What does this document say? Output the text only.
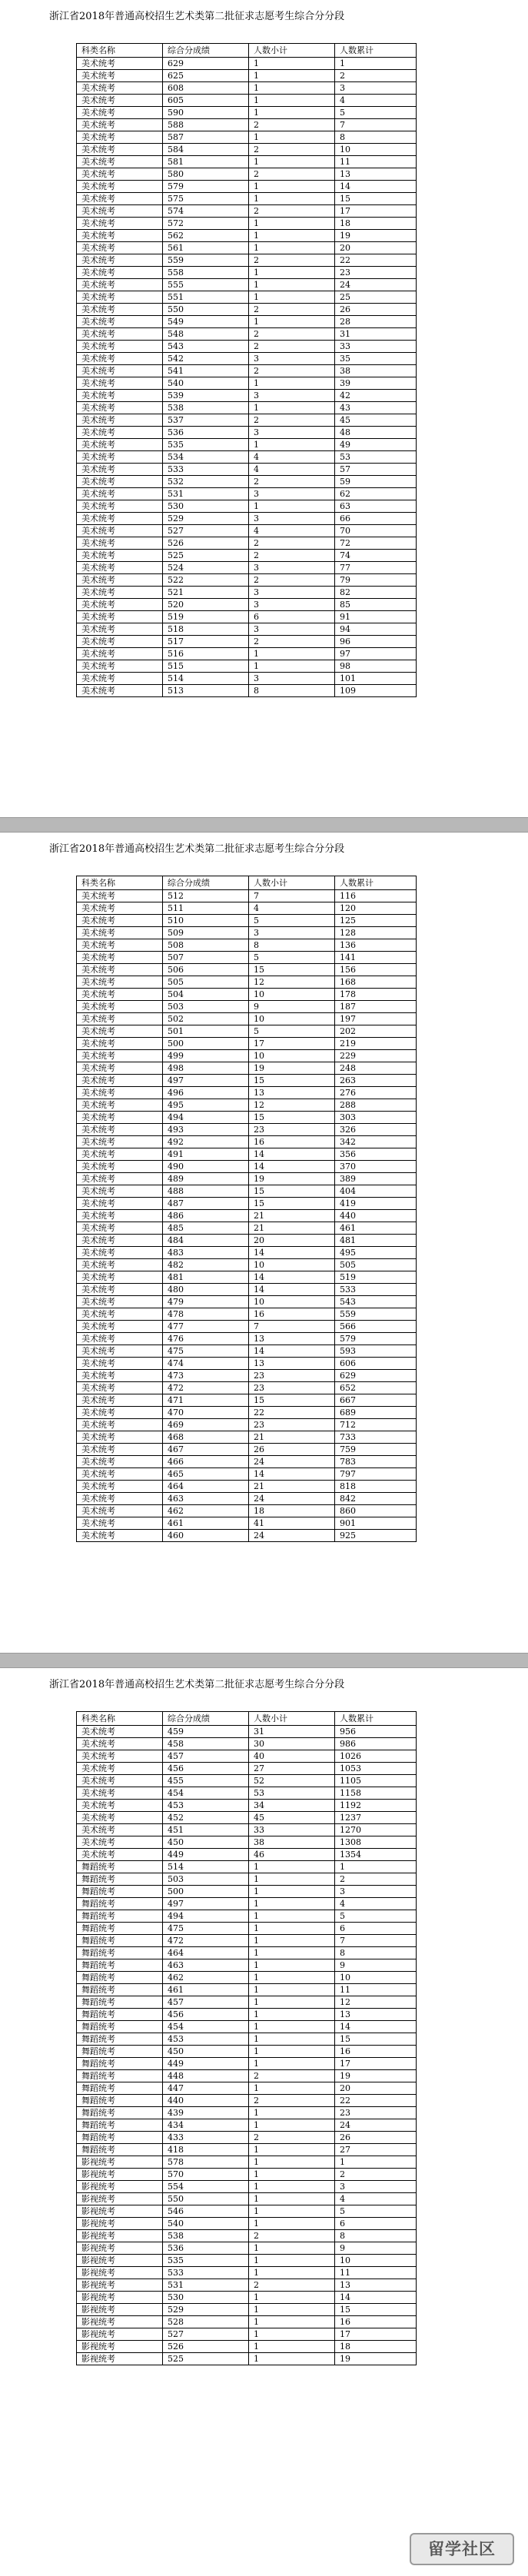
浙江省2018年普通高校招生艺术类第二批征求志愿考生综合分分段
科类名称	综合分成绩	人数小计	人数累计
美术统考	629	1	1
美术统考	625	1	2
美术统考	608	1	3
美术统考	605	1	4
美术统考	590	1	5
美术统考	588	2	7
美术统考	587	1	8
美术统考	584	2	10
美术统考	581	1	11
美术统考	580	2	13
美术统考	579	1	14
美术统考	575	1	15
美术统考	574	2	17
美术统考	572	1	18
美术统考	562	1	19
美术统考	561	1	20
美术统考	559	2	22
美术统考	558	1	23
美术统考	555	1	24
美术统考	551	1	25
美术统考	550	2	26
美术统考	549	1	28
美术统考	548	2	31
美术统考	543	2	33
美术统考	542	3	35
美术统考	541	2	38
美术统考	540	1	39
美术统考	539	3	42
美术统考	538	1	43
美术统考	537	2	45
美术统考	536	3	48
美术统考	535	1	49
美术统考	534	4	53
美术统考	533	4	57
美术统考	532	2	59
美术统考	531	3	62
美术统考	530	1	63
美术统考	529	3	66
美术统考	527	4	70
美术统考	526	2	72
美术统考	525	2	74
美术统考	524	3	77
美术统考	522	2	79
美术统考	521	3	82
美术统考	520	3	85
美术统考	519	6	91
美术统考	518	3	94
美术统考	517	2	96
美术统考	516	1	97
美术统考	515	1	98
美术统考	514	3	101
美术统考	513	8	109
浙江省2018年普通高校招生艺术类第二批征求志愿考生综合分分段
科类名称	综合分成绩	人数小计	人数累计
美术统考	512	7	116
美术统考	511	4	120
美术统考	510	5	125
美术统考	509	3	128
美术统考	508	8	136
美术统考	507	5	141
美术统考	506	15	156
美术统考	505	12	168
美术统考	504	10	178
美术统考	503	9	187
美术统考	502	10	197
美术统考	501	5	202
美术统考	500	17	219
美术统考	499	10	229
美术统考	498	19	248
美术统考	497	15	263
美术统考	496	13	276
美术统考	495	12	288
美术统考	494	15	303
美术统考	493	23	326
美术统考	492	16	342
美术统考	491	14	356
美术统考	490	14	370
美术统考	489	19	389
美术统考	488	15	404
美术统考	487	15	419
美术统考	486	21	440
美术统考	485	21	461
美术统考	484	20	481
美术统考	483	14	495
美术统考	482	10	505
美术统考	481	14	519
美术统考	480	14	533
美术统考	479	10	543
美术统考	478	16	559
美术统考	477	7	566
美术统考	476	13	579
美术统考	475	14	593
美术统考	474	13	606
美术统考	473	23	629
美术统考	472	23	652
美术统考	471	15	667
美术统考	470	22	689
美术统考	469	23	712
美术统考	468	21	733
美术统考	467	26	759
美术统考	466	24	783
美术统考	465	14	797
美术统考	464	21	818
美术统考	463	24	842
美术统考	462	18	860
美术统考	461	41	901
美术统考	460	24	925
浙江省2018年普通高校招生艺术类第二批征求志愿考生综合分分段
科类名称	综合分成绩	人数小计	人数累计
美术统考	459	31	956
美术统考	458	30	986
美术统考	457	40	1026
美术统考	456	27	1053
美术统考	455	52	1105
美术统考	454	53	1158
美术统考	453	34	1192
美术统考	452	45	1237
美术统考	451	33	1270
美术统考	450	38	1308
美术统考	449	46	1354
舞蹈统考	514	1	1
舞蹈统考	503	1	2
舞蹈统考	500	1	3
舞蹈统考	497	1	4
舞蹈统考	494	1	5
舞蹈统考	475	1	6
舞蹈统考	472	1	7
舞蹈统考	464	1	8
舞蹈统考	463	1	9
舞蹈统考	462	1	10
舞蹈统考	461	1	11
舞蹈统考	457	1	12
舞蹈统考	456	1	13
舞蹈统考	454	1	14
舞蹈统考	453	1	15
舞蹈统考	450	1	16
舞蹈统考	449	1	17
舞蹈统考	448	2	19
舞蹈统考	447	1	20
舞蹈统考	440	2	22
舞蹈统考	439	1	23
舞蹈统考	434	1	24
舞蹈统考	433	2	26
舞蹈统考	418	1	27
影视统考	578	1	1
影视统考	570	1	2
影视统考	554	1	3
影视统考	550	1	4
影视统考	546	1	5
影视统考	540	1	6
影视统考	538	2	8
影视统考	536	1	9
影视统考	535	1	10
影视统考	533	1	11
影视统考	531	2	13
影视统考	530	1	14
影视统考	529	1	15
影视统考	528	1	16
影视统考	527	1	17
影视统考	526	1	18
影视统考	525	1	19
留学社区
